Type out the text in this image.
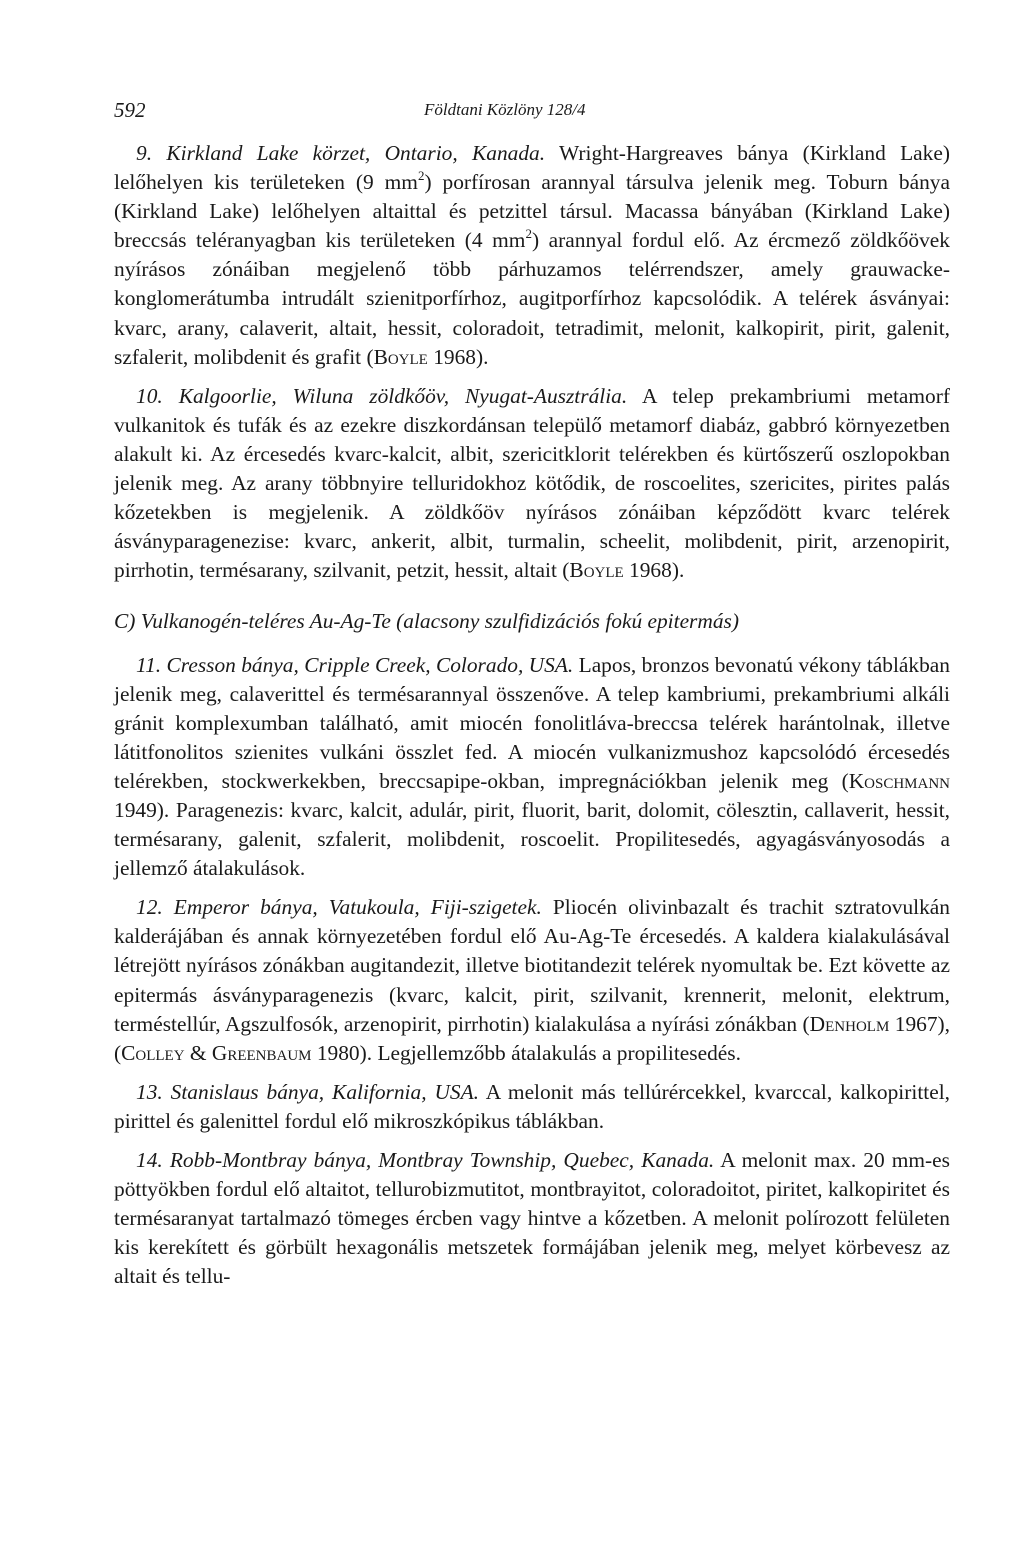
592	Földtani Közlöny 128/4

9. Kirkland Lake körzet, Ontario, Kanada. Wright-Hargreaves bánya (Kirkland Lake) lelőhelyen kis területeken (9 $mm^2$) porfírosan arannyal társulva jelenik meg. Toburn bánya (Kirkland Lake) lelőhelyen altaittal és petzittel társul. Macassa bányában (Kirkland Lake) breccsás teléranyagban kis területeken (4 $mm^2$) arannyal fordul elő. Az ércmező zöldkőövek nyírásos zónáiban megjelenő több párhuzamos telérrendszer, amely grauwacke-konglomerátumba intrudált szienitporfírhoz, augitporfírhoz kapcsolódik. A telérek ásványai: kvarc, arany, calaverit, altait, hessit, coloradoit, tetradimit, melonit, kalkopirit, pirit, galenit, szfalerit, molibdenit és grafit (Boyle 1968).

10. Kalgoorlie, Wiluna zöldkőöv, Nyugat-Ausztrália. A telep prekambriumi metamorf vulkanitok és tufák és az ezekre diszkordánsan települő metamorf diabáz, gabbró környezetben alakult ki. Az ércesedés kvarc-kalcit, albit, szericitklorit telérekben és kürtőszerű oszlopokban jelenik meg. Az arany többnyire telluridokhoz kötődik, de roscoelites, szericites, pirites palás kőzetekben is megjelenik. A zöldkőöv nyírásos zónáiban képződött kvarc telérek ásványparagenezise: kvarc, ankerit, albit, turmalin, scheelit, molibdenit, pirit, arzenopirit, pirrhotin, termésarany, szilvanit, petzit, hessit, altait (Boyle 1968).

C) Vulkanogén-teléres Au-Ag-Te (alacsony szulfidizációs fokú epitermás)

11. Cresson bánya, Cripple Creek, Colorado, USA. Lapos, bronzos bevonatú vékony táblákban jelenik meg, calaverittel és termésarannyal összenőve. A telep kambriumi, prekambriumi alkáli gránit komplexumban található, amit miocén fonolitláva-breccsa telérek harántolnak, illetve látitfonolitos szienites vulkáni összlet fed. A miocén vulkanizmushoz kapcsolódó ércesedés telérekben, stockwerkekben, breccsapipe-okban, impregnációkban jelenik meg (Koschmann 1949). Paragenezis: kvarc, kalcit, adulár, pirit, fluorit, barit, dolomit, cölesztin, callaverit, hessit, termésarany, galenit, szfalerit, molibdenit, roscoelit. Propilitesedés, agyagásványosodás a jellemző átalakulások.

12. Emperor bánya, Vatukoula, Fiji-szigetek. Pliocén olivinbazalt és trachit sztratovulkán kalderájában és annak környezetében fordul elő Au-Ag-Te ércesedés. A kaldera kialakulásával létrejött nyírásos zónákban augitandezit, illetve biotitandezit telérek nyomultak be. Ezt követte az epitermás ásványparagenezis (kvarc, kalcit, pirit, szilvanit, krennerit, melonit, elektrum, terméstellúr, Agszulfosók, arzenopirit, pirrhotin) kialakulása a nyírási zónákban (Denholm 1967), (Colley & Greenbaum 1980). Legjellemzőbb átalakulás a propilitesedés.

13. Stanislaus bánya, Kalifornia, USA. A melonit más tellúrércekkel, kvarccal, kalkopirittel, pirittel és galenittel fordul elő mikroszkópikus táblákban.

14. Robb-Montbray bánya, Montbray Township, Quebec, Kanada. A melonit max. 20 mm-es pöttyökben fordul elő altaitot, tellurobizmutitot, montbrayitot, coloradoitot, piritet, kalkopiritet és termésaranyat tartalmazó tömeges ércben vagy hintve a kőzetben. A melonit polírozott felületen kis kerekített és görbült hexagonális metszetek formájában jelenik meg, melyet körbevesz az altait és tellu-
